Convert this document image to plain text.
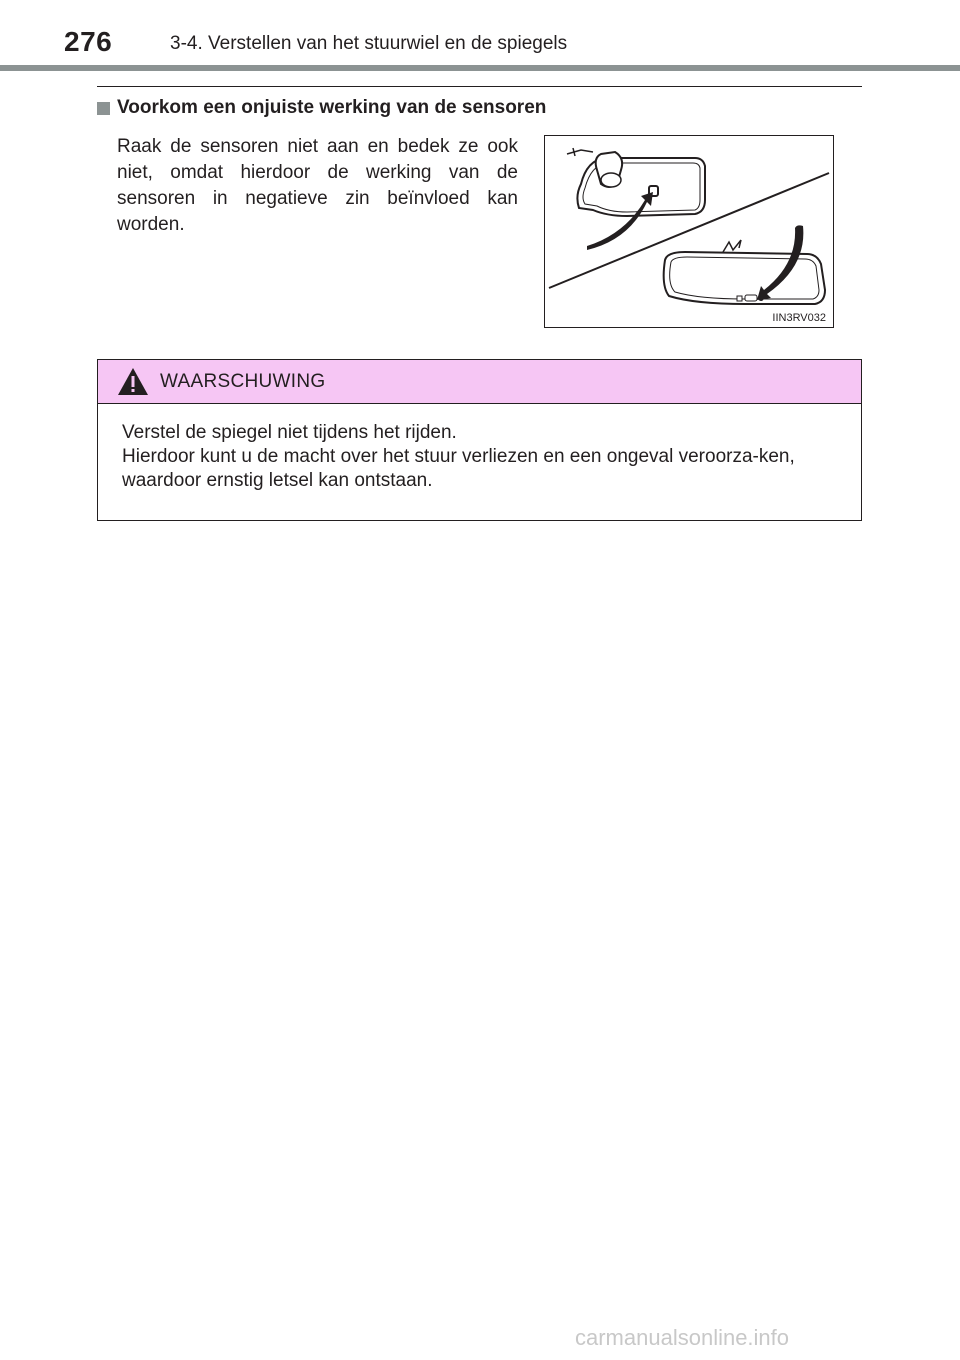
276	3-4. Verstellen van het stuurwiel en de spiegels
Voorkom een onjuiste werking van de sensoren
Raak de sensoren niet aan en bedek ze ook niet, omdat hierdoor de werking van de sensoren in negatieve zin beïnvloed kan worden.
IIN3RV032
WAARSCHUWING

Verstel de spiegel niet tijdens het rijden.

Hierdoor kunt u de macht over het stuur verliezen en een ongeval veroorza-ken, waardoor ernstig letsel kan ontstaan.

carmanualsonline.info
